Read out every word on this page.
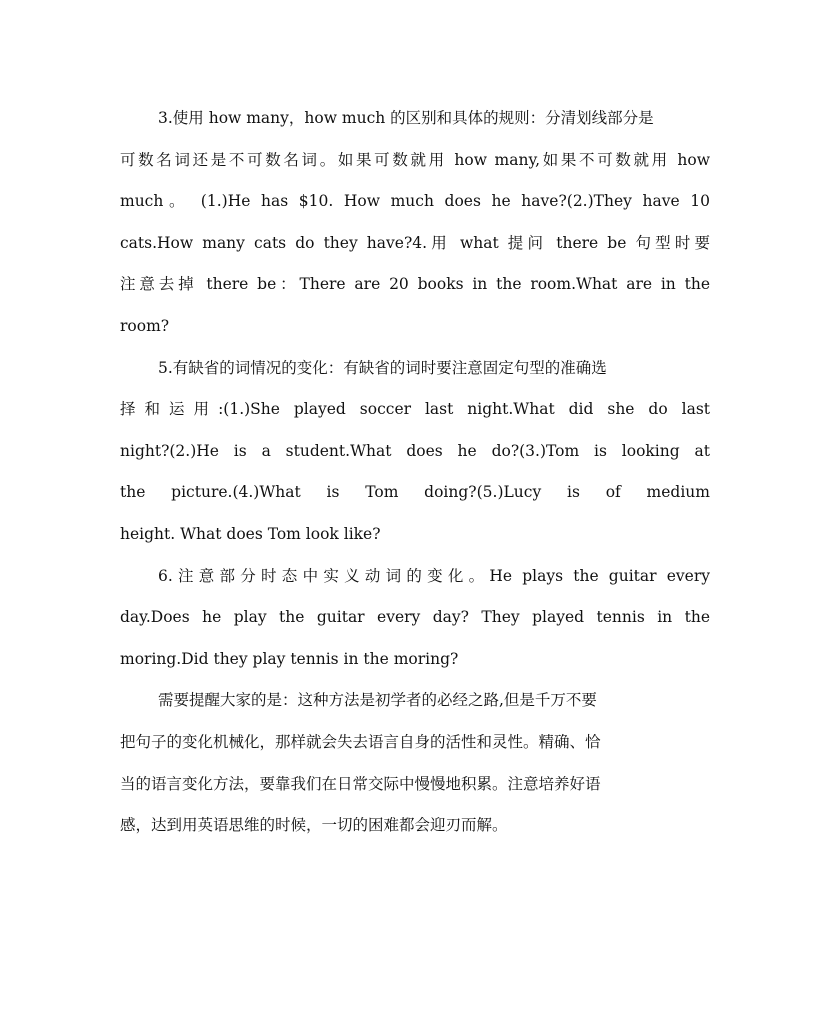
3.使用 how many，how much 的区别和具体的规则：分清划线部分是
可数名词还是不可数名词。如果可数就用 how many,如果不可数就用 how
much。 (1.)He has $10. How much does he have?(2.)They have 10
cats.How many cats do they have?4.用 what 提问 there be 句型时要
注意去掉 there be：There are 20 books in the room.What are in the
room?
5.有缺省的词情况的变化：有缺省的词时要注意固定句型的准确选
择和运用:(1.)She played soccer last night.What did she do last
night?(2.)He is a student.What does he do?(3.)Tom is looking at
the picture.(4.)What is Tom doing?(5.)Lucy is of medium
height. What does Tom look like?
6.注意部分时态中实义动词的变化。He plays the guitar every
day.Does he play the guitar every day? They played tennis in the
moring.Did they play tennis in the moring?
需要提醒大家的是：这种方法是初学者的必经之路,但是千万不要
把句子的变化机械化，那样就会失去语言自身的活性和灵性。精确、恰
当的语言变化方法，要靠我们在日常交际中慢慢地积累。注意培养好语
感，达到用英语思维的时候，一切的困难都会迎刃而解。
